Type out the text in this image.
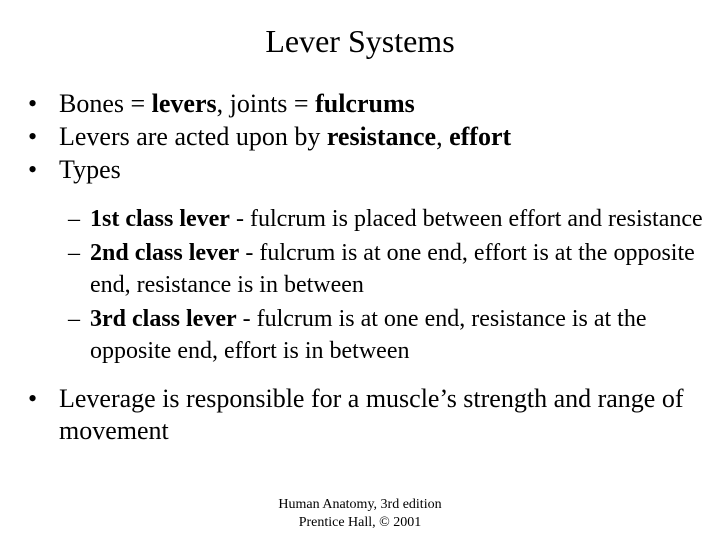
Lever Systems
• Bones = levers, joints = fulcrums
• Levers are acted upon by resistance, effort
• Types
– 1st class lever - fulcrum is placed between effort and resistance
– 2nd class lever - fulcrum is at one end, effort is at the opposite end, resistance is in between
– 3rd class lever - fulcrum is at one end, resistance is at the opposite end, effort is in between
• Leverage is responsible for a muscle’s strength and range of movement
Human Anatomy, 3rd edition
Prentice Hall, © 2001
